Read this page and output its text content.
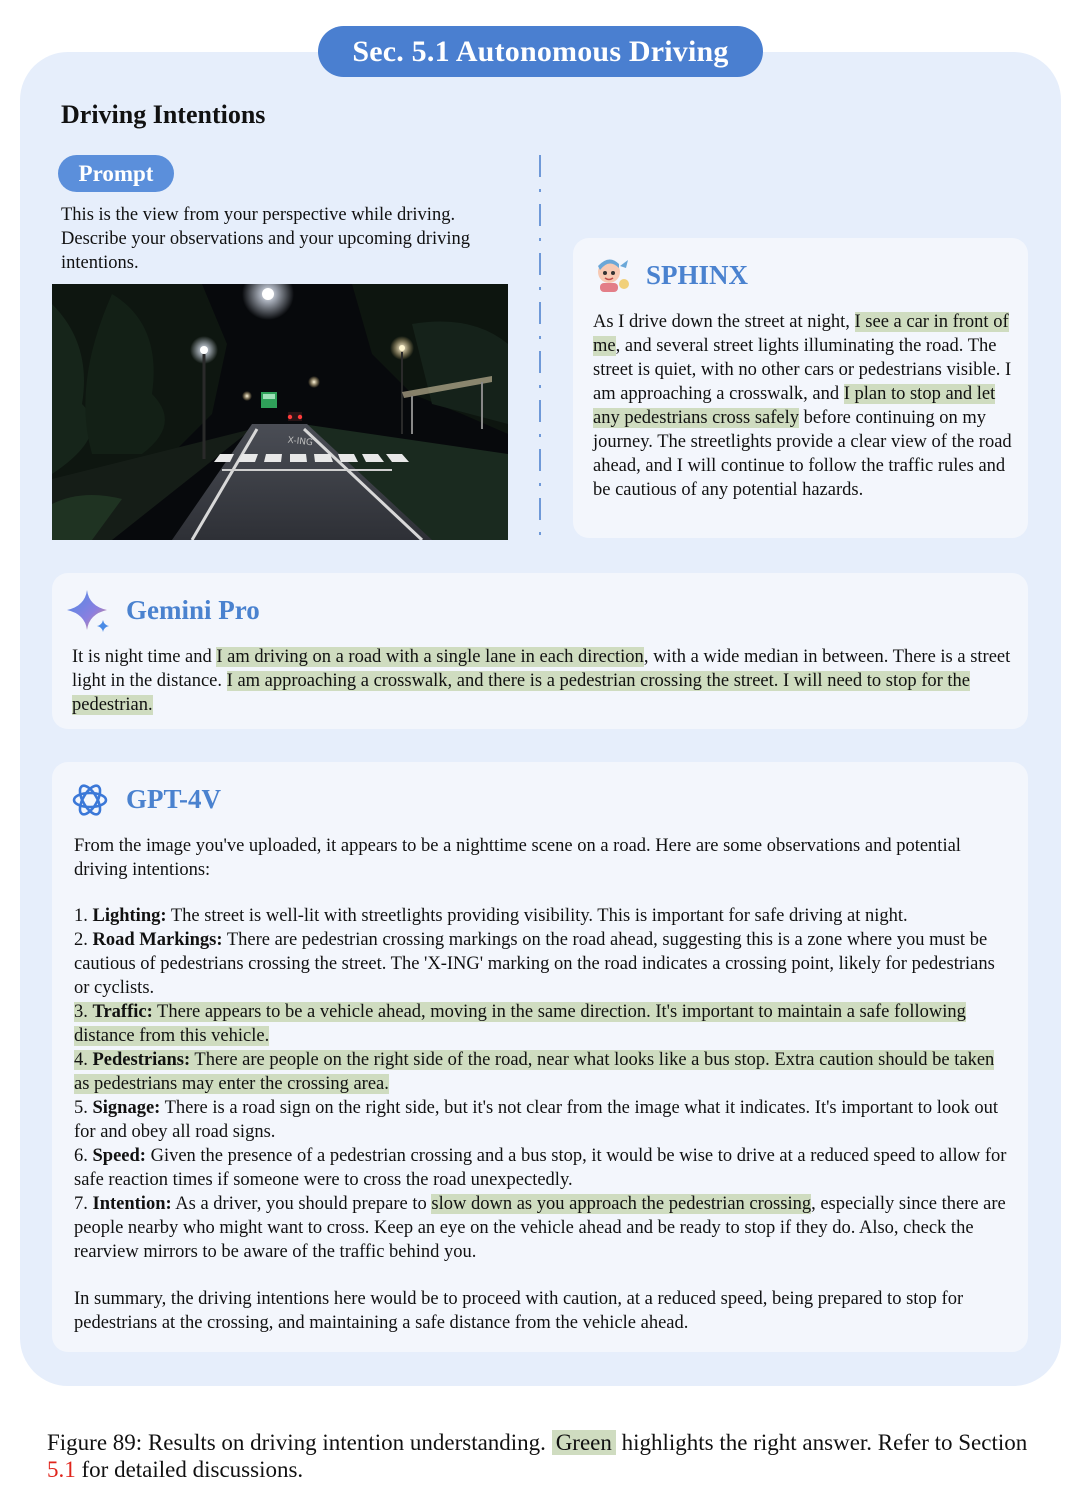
Sec. 5.1 Autonomous Driving
Driving Intentions
Prompt
This is the view from your perspective while driving. Describe your observations and your upcoming driving intentions.
X-ING
SPHINX
As I drive down the street at night, I see a car in front of me, and several street lights illuminating the road. The street is quiet, with no other cars or pedestrians visible. I am approaching a crosswalk, and I plan to stop and let any pedestrians cross safely before continuing on my journey. The streetlights provide a clear view of the road ahead, and I will continue to follow the traffic rules and be cautious of any potential hazards.
Gemini Pro
It is night time and I am driving on a road with a single lane in each direction, with a wide median in between. There is a street light in the distance. I am approaching a crosswalk, and there is a pedestrian crossing the street. I will need to stop for the pedestrian.
GPT-4V
From the image you've uploaded, it appears to be a nighttime scene on a road. Here are some observations and potential driving intentions:

1. Lighting: The street is well-lit with streetlights providing visibility. This is important for safe driving at night.

2. Road Markings: There are pedestrian crossing markings on the road ahead, suggesting this is a zone where you must be cautious of pedestrians crossing the street. The 'X-ING' marking on the road indicates a crossing point, likely for pedestrians or cyclists.

3. Traffic: There appears to be a vehicle ahead, moving in the same direction. It's important to maintain a safe following distance from this vehicle.

4. Pedestrians: There are people on the right side of the road, near what looks like a bus stop. Extra caution should be taken as pedestrians may enter the crossing area.

5. Signage: There is a road sign on the right side, but it's not clear from the image what it indicates. It's important to look out for and obey all road signs.

6. Speed: Given the presence of a pedestrian crossing and a bus stop, it would be wise to drive at a reduced speed to allow for safe reaction times if someone were to cross the road unexpectedly.

7. Intention: As a driver, you should prepare to slow down as you approach the pedestrian crossing, especially since there are people nearby who might want to cross. Keep an eye on the vehicle ahead and be ready to stop if they do. Also, check the rearview mirrors to be aware of the traffic behind you.

In summary, the driving intentions here would be to proceed with caution, at a reduced speed, being prepared to stop for pedestrians at the crossing, and maintaining a safe distance from the vehicle ahead.
Figure 89: Results on driving intention understanding. Green highlights the right answer. Refer to Section 5.1 for detailed discussions.
